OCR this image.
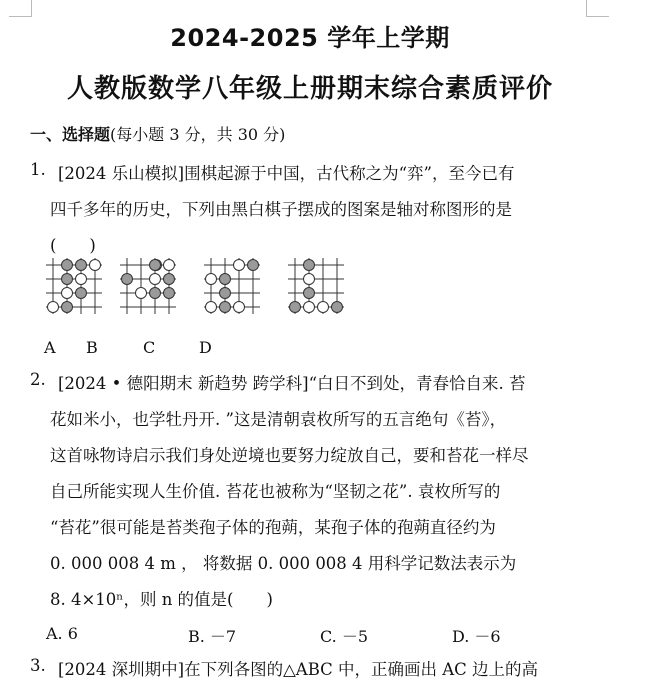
2024-2025 学年上学期
人教版数学八年级上册期末综合素质评价
一、选择题(每小题 3 分，共 30 分)
1. [2024 乐山模拟]围棋起源于中国，古代称之为“弈”，至今已有
四千多年的历史，下列由黑白棋子摆成的图案是轴对称图形的是
(　　)
A B	C	D
2. [2024 • 德阳期末 新趋势 跨学科]“白日不到处，青春恰自来. 苔
花如米小，也学牡丹开. ”这是清朝袁枚所写的五言绝句《苔》，
这首咏物诗启示我们身处逆境也要努力绽放自己，要和苔花一样尽
自己所能实现人生价值. 苔花也被称为“坚韧之花”. 袁枚所写的
“苔花”很可能是苔类孢子体的孢蒴，某孢子体的孢蒴直径约为
0. 000 008 4 m ， 将数据 0. 000 008 4 用科学记数法表示为
8. 4×10ⁿ，则 n 的值是(　　)
A. 6	B. －7	C. －5	D. －6
3. [2024 深圳期中]在下列各图的△ABC 中，正确画出 AC 边上的高
